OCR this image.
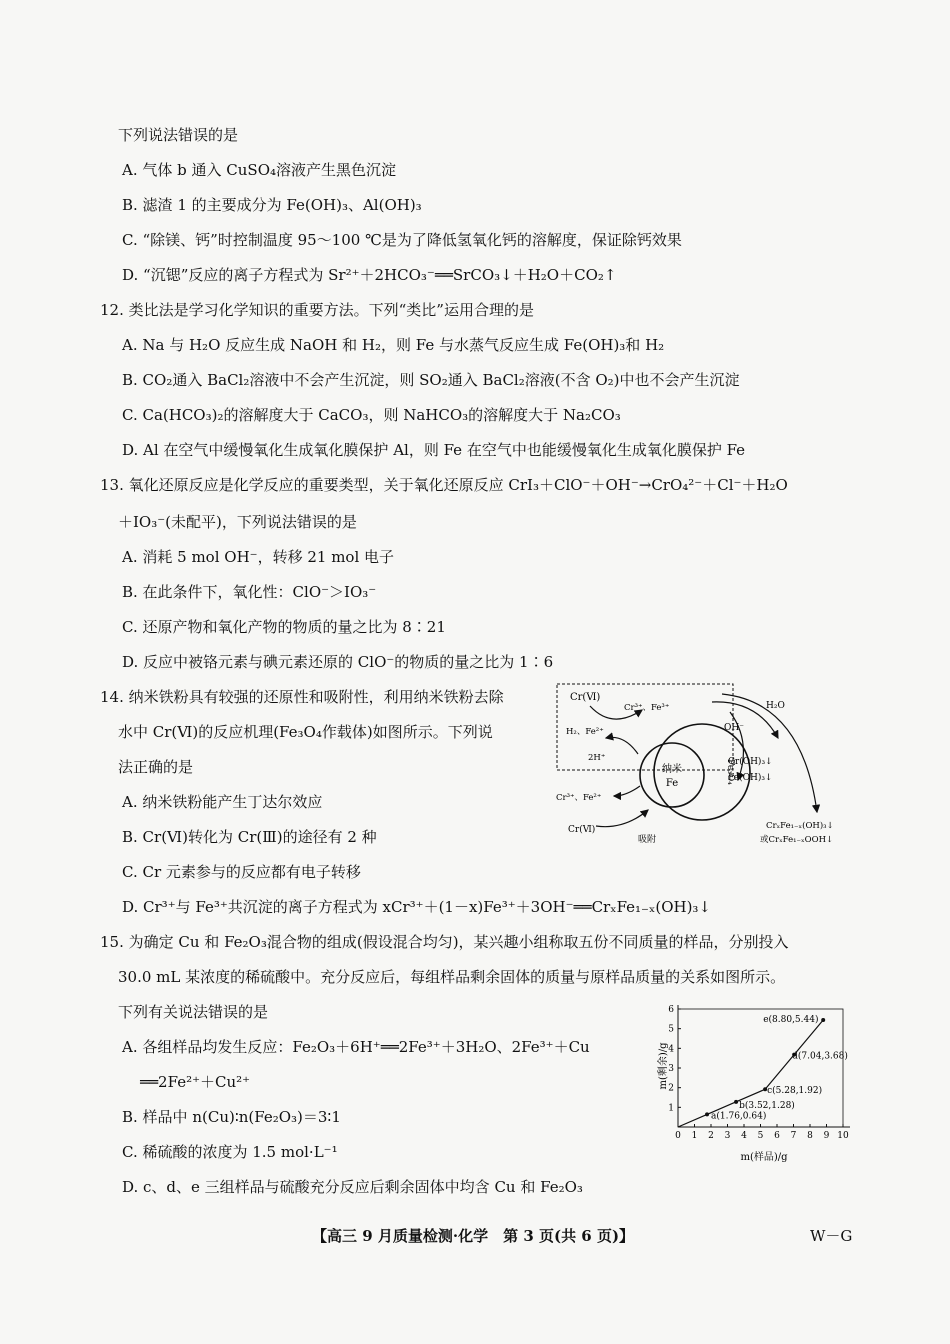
下列说法错误的是
A. 气体 b 通入 CuSO₄溶液产生黑色沉淀
B. 滤渣 1 的主要成分为 Fe(OH)₃、Al(OH)₃
C. “除镁、钙”时控制温度 95～100 ℃是为了降低氢氧化钙的溶解度，保证除钙效果
D. “沉锶”反应的离子方程式为 Sr²⁺＋2HCO₃⁻══SrCO₃↓＋H₂O＋CO₂↑
12. 类比法是学习化学知识的重要方法。下列“类比”运用合理的是
A. Na 与 H₂O 反应生成 NaOH 和 H₂，则 Fe 与水蒸气反应生成 Fe(OH)₃和 H₂
B. CO₂通入 BaCl₂溶液中不会产生沉淀，则 SO₂通入 BaCl₂溶液(不含 O₂)中也不会产生沉淀
C. Ca(HCO₃)₂的溶解度大于 CaCO₃，则 NaHCO₃的溶解度大于 Na₂CO₃
D. Al 在空气中缓慢氧化生成氧化膜保护 Al，则 Fe 在空气中也能缓慢氧化生成氧化膜保护 Fe
13. 氧化还原反应是化学反应的重要类型，关于氧化还原反应 CrI₃＋ClO⁻＋OH⁻→CrO₄²⁻＋Cl⁻＋H₂O
＋IO₃⁻(未配平)，下列说法错误的是
A. 消耗 5 mol OH⁻，转移 21 mol 电子
B. 在此条件下，氧化性：ClO⁻＞IO₃⁻
C. 还原产物和氧化产物的物质的量之比为 8∶21
D. 反应中被铬元素与碘元素还原的 ClO⁻的物质的量之比为 1∶6
14. 纳米铁粉具有较强的还原性和吸附性，利用纳米铁粉去除
水中 Cr(Ⅵ)的反应机理(Fe₃O₄作载体)如图所示。下列说
法正确的是
A. 纳米铁粉能产生丁达尔效应
B. Cr(Ⅵ)转化为 Cr(Ⅲ)的途径有 2 种
C. Cr 元素参与的反应都有电子转移
D. Cr³⁺与 Fe³⁺共沉淀的离子方程式为 xCr³⁺＋(1－x)Fe³⁺＋3OH⁻══CrₓFe₁₋ₓ(OH)₃↓
纳米
Fe	Fe₃O₄
Cr(Ⅵ)
Cr³⁺、Fe³⁺
H₂、Fe²⁺
2H⁺
OH⁻
H₂O
Cr(OH)₃↓
Fe(OH)₃↓
Cr³⁺、Fe²⁺
Cr(Ⅵ)
吸附
CrₓFe₁₋ₓ(OH)₃↓
或CrₓFe₁₋ₓOOH↓
15. 为确定 Cu 和 Fe₂O₃混合物的组成(假设混合均匀)，某兴趣小组称取五份不同质量的样品，分别投入
30.0 mL 某浓度的稀硫酸中。充分反应后，每组样品剩余固体的质量与原样品质量的关系如图所示。
下列有关说法错误的是
A. 各组样品均发生反应：Fe₂O₃＋6H⁺══2Fe³⁺＋3H₂O、2Fe³⁺＋Cu
══2Fe²⁺＋Cu²⁺
B. 样品中 n(Cu)∶n(Fe₂O₃)＝3∶1
C. 稀硫酸的浓度为 1.5 mol·L⁻¹
D. c、d、e 三组样品与硫酸充分反应后剩余固体中均含 Cu 和 Fe₂O₃
0 1 2 3 4 5 6 7 8 9 10
1
2
3
4
5
6
a(1.76,0.64)
b(3.52,1.28)
c(5.28,1.92)
d(7.04,3.68)
e(8.80,5.44)
m(样品)/g
m(剩余)/g
【高三 9 月质量检测·化学　第 3 页(共 6 页)】	W－G
